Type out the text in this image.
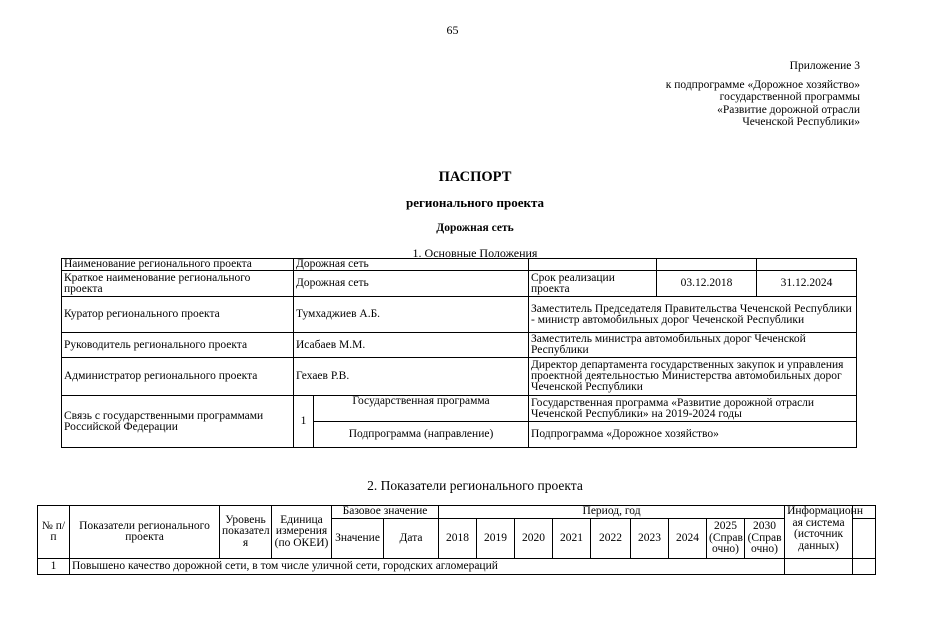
65
Приложение 3
к подпрограмме «Дорожное хозяйство»
государственной программы
«Развитие дорожной отрасли
Чеченской Республики»
ПАСПОРТ
регионального проекта
Дорожная сеть
1. Основные Положения
Наименование регионального проекта	Дорожная сеть				
Краткое наименование регионального проекта	Дорожная сеть		Срок реализации проекта	03.12.2018	31.12.2024
Куратор регионального проекта	Тумхаджиев А.Б.		Заместитель Председателя Правительства Чеченской Республики - министр автомобильных дорог Чеченской Республики		
Руководитель регионального проекта	Исабаев М.М.		Заместитель министра автомобильных дорог Чеченской Республики		
Администратор регионального проекта	Гехаев Р.В.		Директор департамента государственных закупок и управления проектной деятельностью Министерства автомобильных дорог Чеченской Республики		
Связь с государственными программами Российской Федерации	1	Государственная программа	Государственная программа «Развитие дорожной отрасли Чеченской Республики» на 2019-2024 годы		
		Подпрограмма (направление)	Подпрограмма «Дорожное хозяйство»		
2. Показатели регионального проекта
№ п/п	Показатели регионального проекта	Уровень показател я	Единица измерения (по ОКЕИ)	Базовое значение		Период, год									Информационн ая система (источник данных)	
				Значение	Дата	2018	2019	2020	2021	2022	2023	2024	2025 (Справ очно)	2030 (Справ очно)		
1	Повышено качество дорожной сети, в том числе уличной сети, городских агломераций															
